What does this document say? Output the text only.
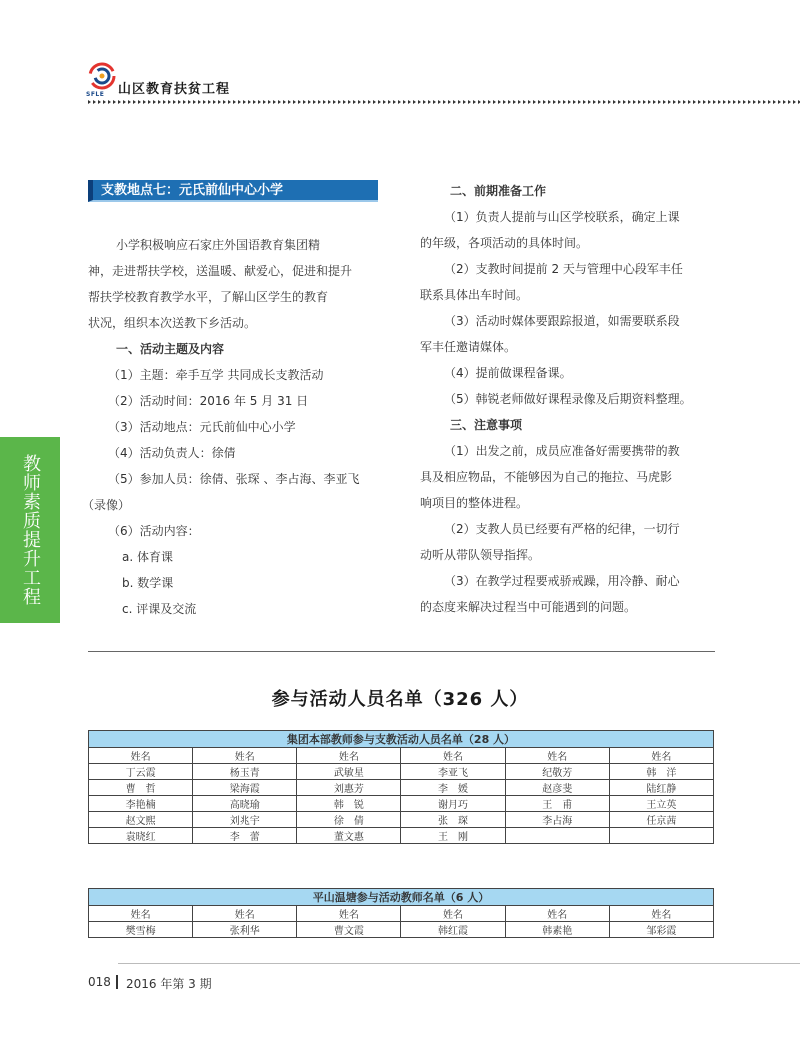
SFLE 山区教育扶贫工程
教师素质提升工程
支教地点七：元氏前仙中心小学
小学积极响应石家庄外国语教育集团精
神，走进帮扶学校，送温暖、献爱心，促进和提升
帮扶学校教育教学水平，了解山区学生的教育
状况，组织本次送教下乡活动。
一、活动主题及内容
（1）主题：牵手互学 共同成长支教活动
（2）活动时间：2016 年 5 月 31 日
（3）活动地点：元氏前仙中心小学
（4）活动负责人：徐倩
（5）参加人员：徐倩、张琛 、李占海、李亚飞
（录像）
（6）活动内容：
a. 体育课
b. 数学课
c. 评课及交流
二、前期准备工作
（1）负责人提前与山区学校联系，确定上课
的年级，各项活动的具体时间。
（2）支教时间提前 2 天与管理中心段军丰任
联系具体出车时间。
（3）活动时媒体要跟踪报道，如需要联系段
军丰任邀请媒体。
（4）提前做课程备课。
（5）韩锐老师做好课程录像及后期资料整理。
三、注意事项
（1）出发之前，成员应准备好需要携带的教
具及相应物品，不能够因为自己的拖拉、马虎影
响项目的整体进程。
（2）支教人员已经要有严格的纪律，一切行
动听从带队领导指挥。
（3）在教学过程要戒骄戒躁，用冷静、耐心
的态度来解决过程当中可能遇到的问题。
参与活动人员名单（326 人）
集团本部教师参与支教活动人员名单（28 人）					
姓名	姓名	姓名	姓名	姓名	姓名
丁云霞	杨玉青	武敏星	李亚飞	纪敬芳	韩　洋
曹　哲	梁海霞	刘惠芳	李　媛	赵彦斐	陆红静
李艳楠	高晓瑜	韩　锐	谢月巧	王　甫	王立英
赵文熙	刘兆宇	徐　倩	张　琛	李占海	任京茜
袁晓红	李　蕾	董文惠	王　刚		
平山温塘参与活动教师名单（6 人）					
姓名	姓名	姓名	姓名	姓名	姓名
樊雪梅	张利华	曹文霞	韩红霞	韩素艳	邹彩霞
018 2016 年第 3 期
